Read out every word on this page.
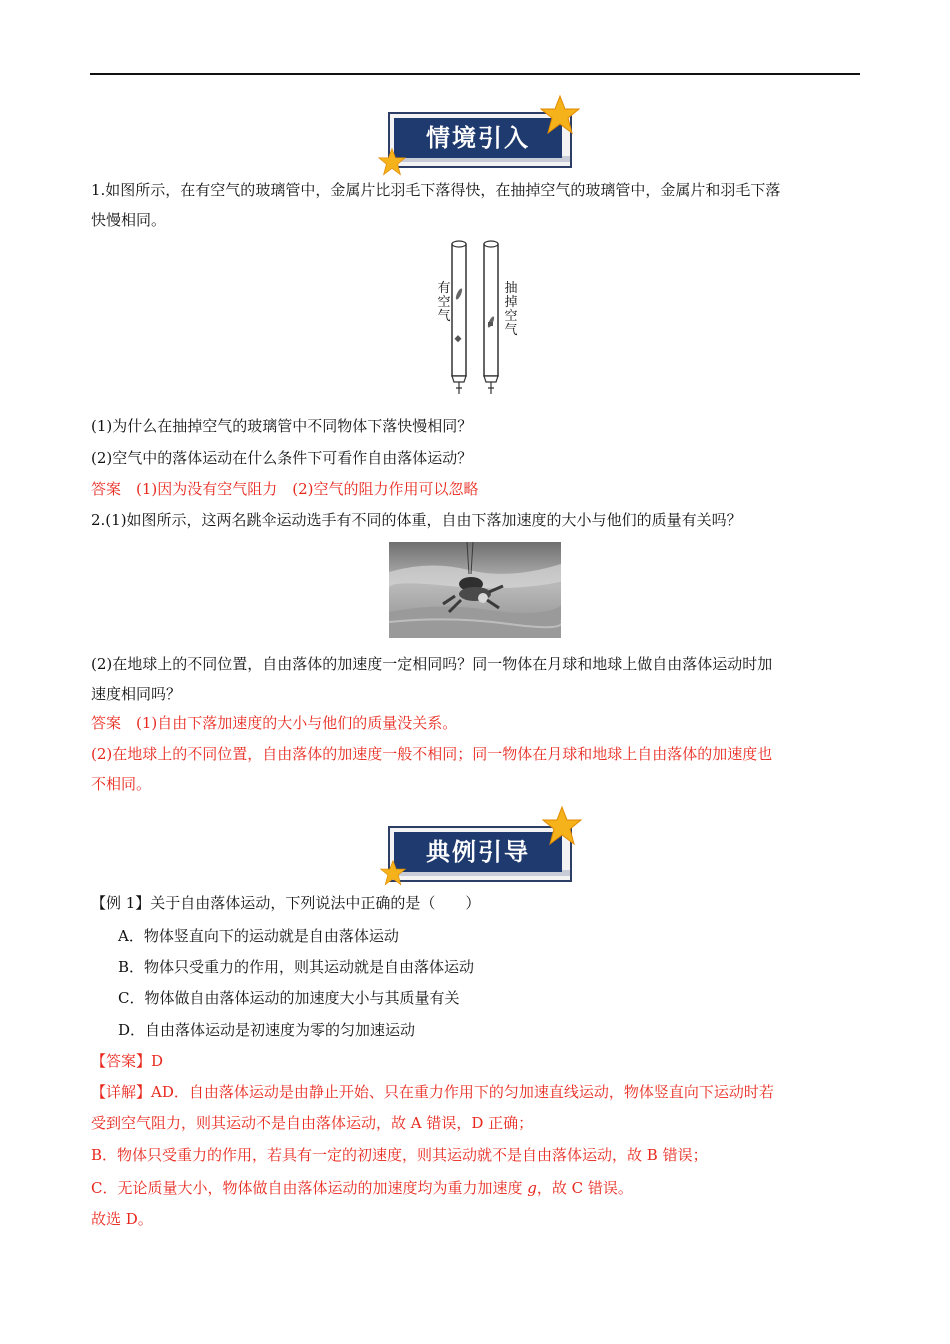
情境引入
1.如图所示，在有空气的玻璃管中，金属片比羽毛下落得快，在抽掉空气的玻璃管中，金属片和羽毛下落
快慢相同。
有空气
抽掉空气
(1)为什么在抽掉空气的玻璃管中不同物体下落快慢相同？
(2)空气中的落体运动在什么条件下可看作自由落体运动？
答案　(1)因为没有空气阻力　(2)空气的阻力作用可以忽略
2.(1)如图所示，这两名跳伞运动选手有不同的体重，自由下落加速度的大小与他们的质量有关吗？
(2)在地球上的不同位置，自由落体的加速度一定相同吗？同一物体在月球和地球上做自由落体运动时加
速度相同吗？
答案　(1)自由下落加速度的大小与他们的质量没关系。
(2)在地球上的不同位置，自由落体的加速度一般不相同；同一物体在月球和地球上自由落体的加速度也
不相同。
典例引导
【例 1】关于自由落体运动，下列说法中正确的是（　　）
A．物体竖直向下的运动就是自由落体运动
B．物体只受重力的作用，则其运动就是自由落体运动
C．物体做自由落体运动的加速度大小与其质量有关
D．自由落体运动是初速度为零的匀加速运动
【答案】D
【详解】AD．自由落体运动是由静止开始、只在重力作用下的匀加速直线运动，物体竖直向下运动时若
受到空气阻力，则其运动不是自由落体运动，故 A 错误，D 正确；
B．物体只受重力的作用，若具有一定的初速度，则其运动就不是自由落体运动，故 B 错误；
C．无论质量大小，物体做自由落体运动的加速度均为重力加速度 g，故 C 错误。
故选 D。
